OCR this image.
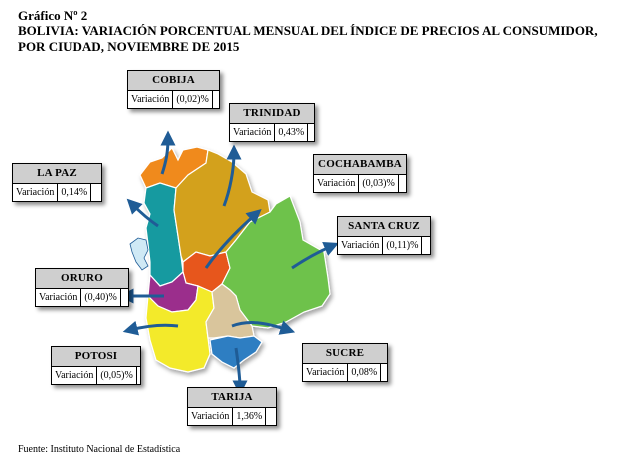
Gráfico Nº 2
BOLIVIA: VARIACIÓN PORCENTUAL MENSUAL DEL ÍNDICE DE PRECIOS AL CONSUMIDOR, POR CIUDAD, NOVIEMBRE DE 2015
COBIJA
Variación (0,02)%
TRINIDAD
Variación 0,43%
COCHABAMBA
Variación (0,03)%
LA PAZ
Variación 0,14%
SANTA CRUZ
Variación (0,11)%
ORURO
Variación (0,40)%
POTOSI
Variación (0,05)%
SUCRE
Variación 0,08%
TARIJA
Variación 1,36%
Fuente: Instituto Nacional de Estadística
